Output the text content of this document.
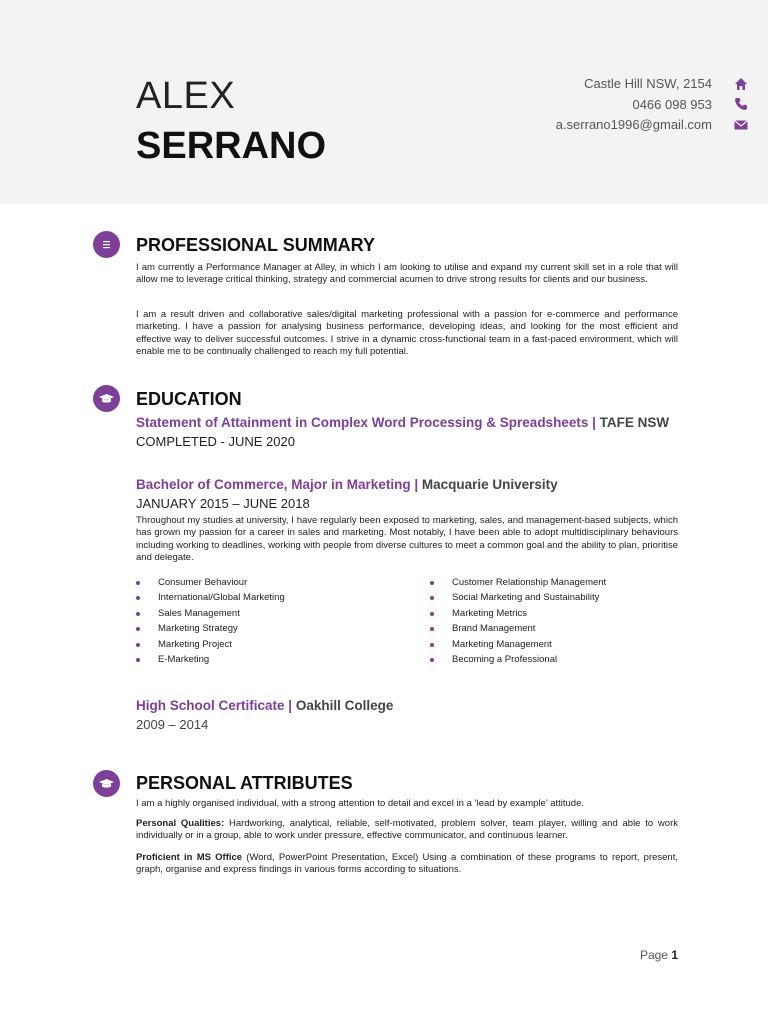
ALEX
SERRANO
Castle Hill NSW, 2154
0466 098 953
a.serrano1996@gmail.com
PROFESSIONAL SUMMARY

I am currently a Performance Manager at Alley, in which I am looking to utilise and expand my current skill set in a role that will allow me to leverage critical thinking, strategy and commercial acumen to drive strong results for clients and our business.

I am a result driven and collaborative sales/digital marketing professional with a passion for e-commerce and performance marketing. I have a passion for analysing business performance, developing ideas, and looking for the most efficient and effective way to deliver successful outcomes. I strive in a dynamic cross-functional team in a fast-paced environment, which will enable me to be continually challenged to reach my full potential.

EDUCATION
Statement of Attainment in Complex Word Processing & Spreadsheets | TAFE NSW
COMPLETED - JUNE 2020
Bachelor of Commerce, Major in Marketing | Macquarie University
JANUARY 2015 – JUNE 2018

Throughout my studies at university, I have regularly been exposed to marketing, sales, and management-based subjects, which has grown my passion for a career in sales and marketing. Most notably, I have been able to adopt multidisciplinary behaviours including working to deadlines, working with people from diverse cultures to meet a common goal and the ability to plan, prioritise and delegate.

Consumer Behaviour
International/Global Marketing
Sales Management
Marketing Strategy
Marketing Project
E-Marketing
Customer Relationship Management
Social Marketing and Sustainability
Marketing Metrics
Brand Management
Marketing Management
Becoming a Professional
High School Certificate | Oakhill College
2009 – 2014
PERSONAL ATTRIBUTES

I am a highly organised individual, with a strong attention to detail and excel in a ‘lead by example’ attitude.

Personal Qualities: Hardworking, analytical, reliable, self-motivated, problem solver, team player, willing and able to work individually or in a group, able to work under pressure, effective communicator, and continuous learner.

Proficient in MS Office (Word, PowerPoint Presentation, Excel) Using a combination of these programs to report, present, graph, organise and express findings in various forms according to situations.

Page 1
